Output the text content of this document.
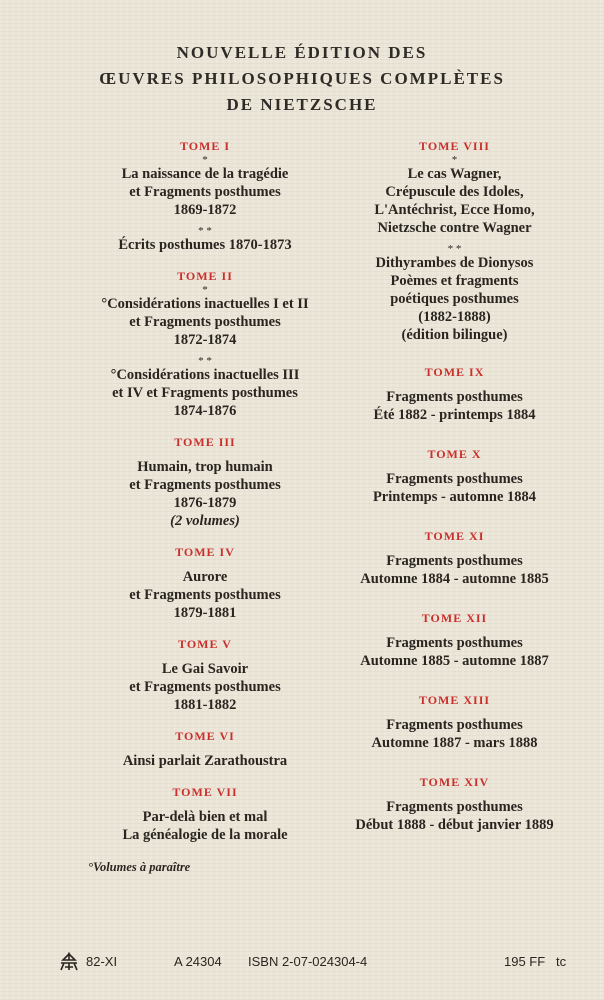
NOUVELLE ÉDITION DES
ŒUVRES PHILOSOPHIQUES COMPLÈTES
DE NIETZSCHE
TOME I
*
La naissance de la tragédie
et Fragments posthumes
1869-1872
* *
Écrits posthumes 1870-1873
TOME II
*
°Considérations inactuelles I et II
et Fragments posthumes
1872-1874
* *
°Considérations inactuelles III
et IV et Fragments posthumes
1874-1876
TOME III
Humain, trop humain
et Fragments posthumes
1876-1879
(2 volumes)
TOME IV
Aurore
et Fragments posthumes
1879-1881
TOME V
Le Gai Savoir
et Fragments posthumes
1881-1882
TOME VI
Ainsi parlait Zarathoustra
TOME VII
Par-delà bien et mal
La généalogie de la morale
TOME VIII
*
Le cas Wagner,
Crépuscule des Idoles,
L'Antéchrist, Ecce Homo,
Nietzsche contre Wagner
* *
Dithyrambes de Dionysos
Poèmes et fragments
poétiques posthumes
(1882-1888)
(édition bilingue)
TOME IX
Fragments posthumes
Été 1882 - printemps 1884
TOME X
Fragments posthumes
Printemps - automne 1884
TOME XI
Fragments posthumes
Automne 1884 - automne 1885
TOME XII
Fragments posthumes
Automne 1885 - automne 1887
TOME XIII
Fragments posthumes
Automne 1887 - mars 1888
TOME XIV
Fragments posthumes
Début 1888 - début janvier 1889
°Volumes à paraître
82-XI	A 24304 ISBN 2-07-024304-4	195 FF tc
